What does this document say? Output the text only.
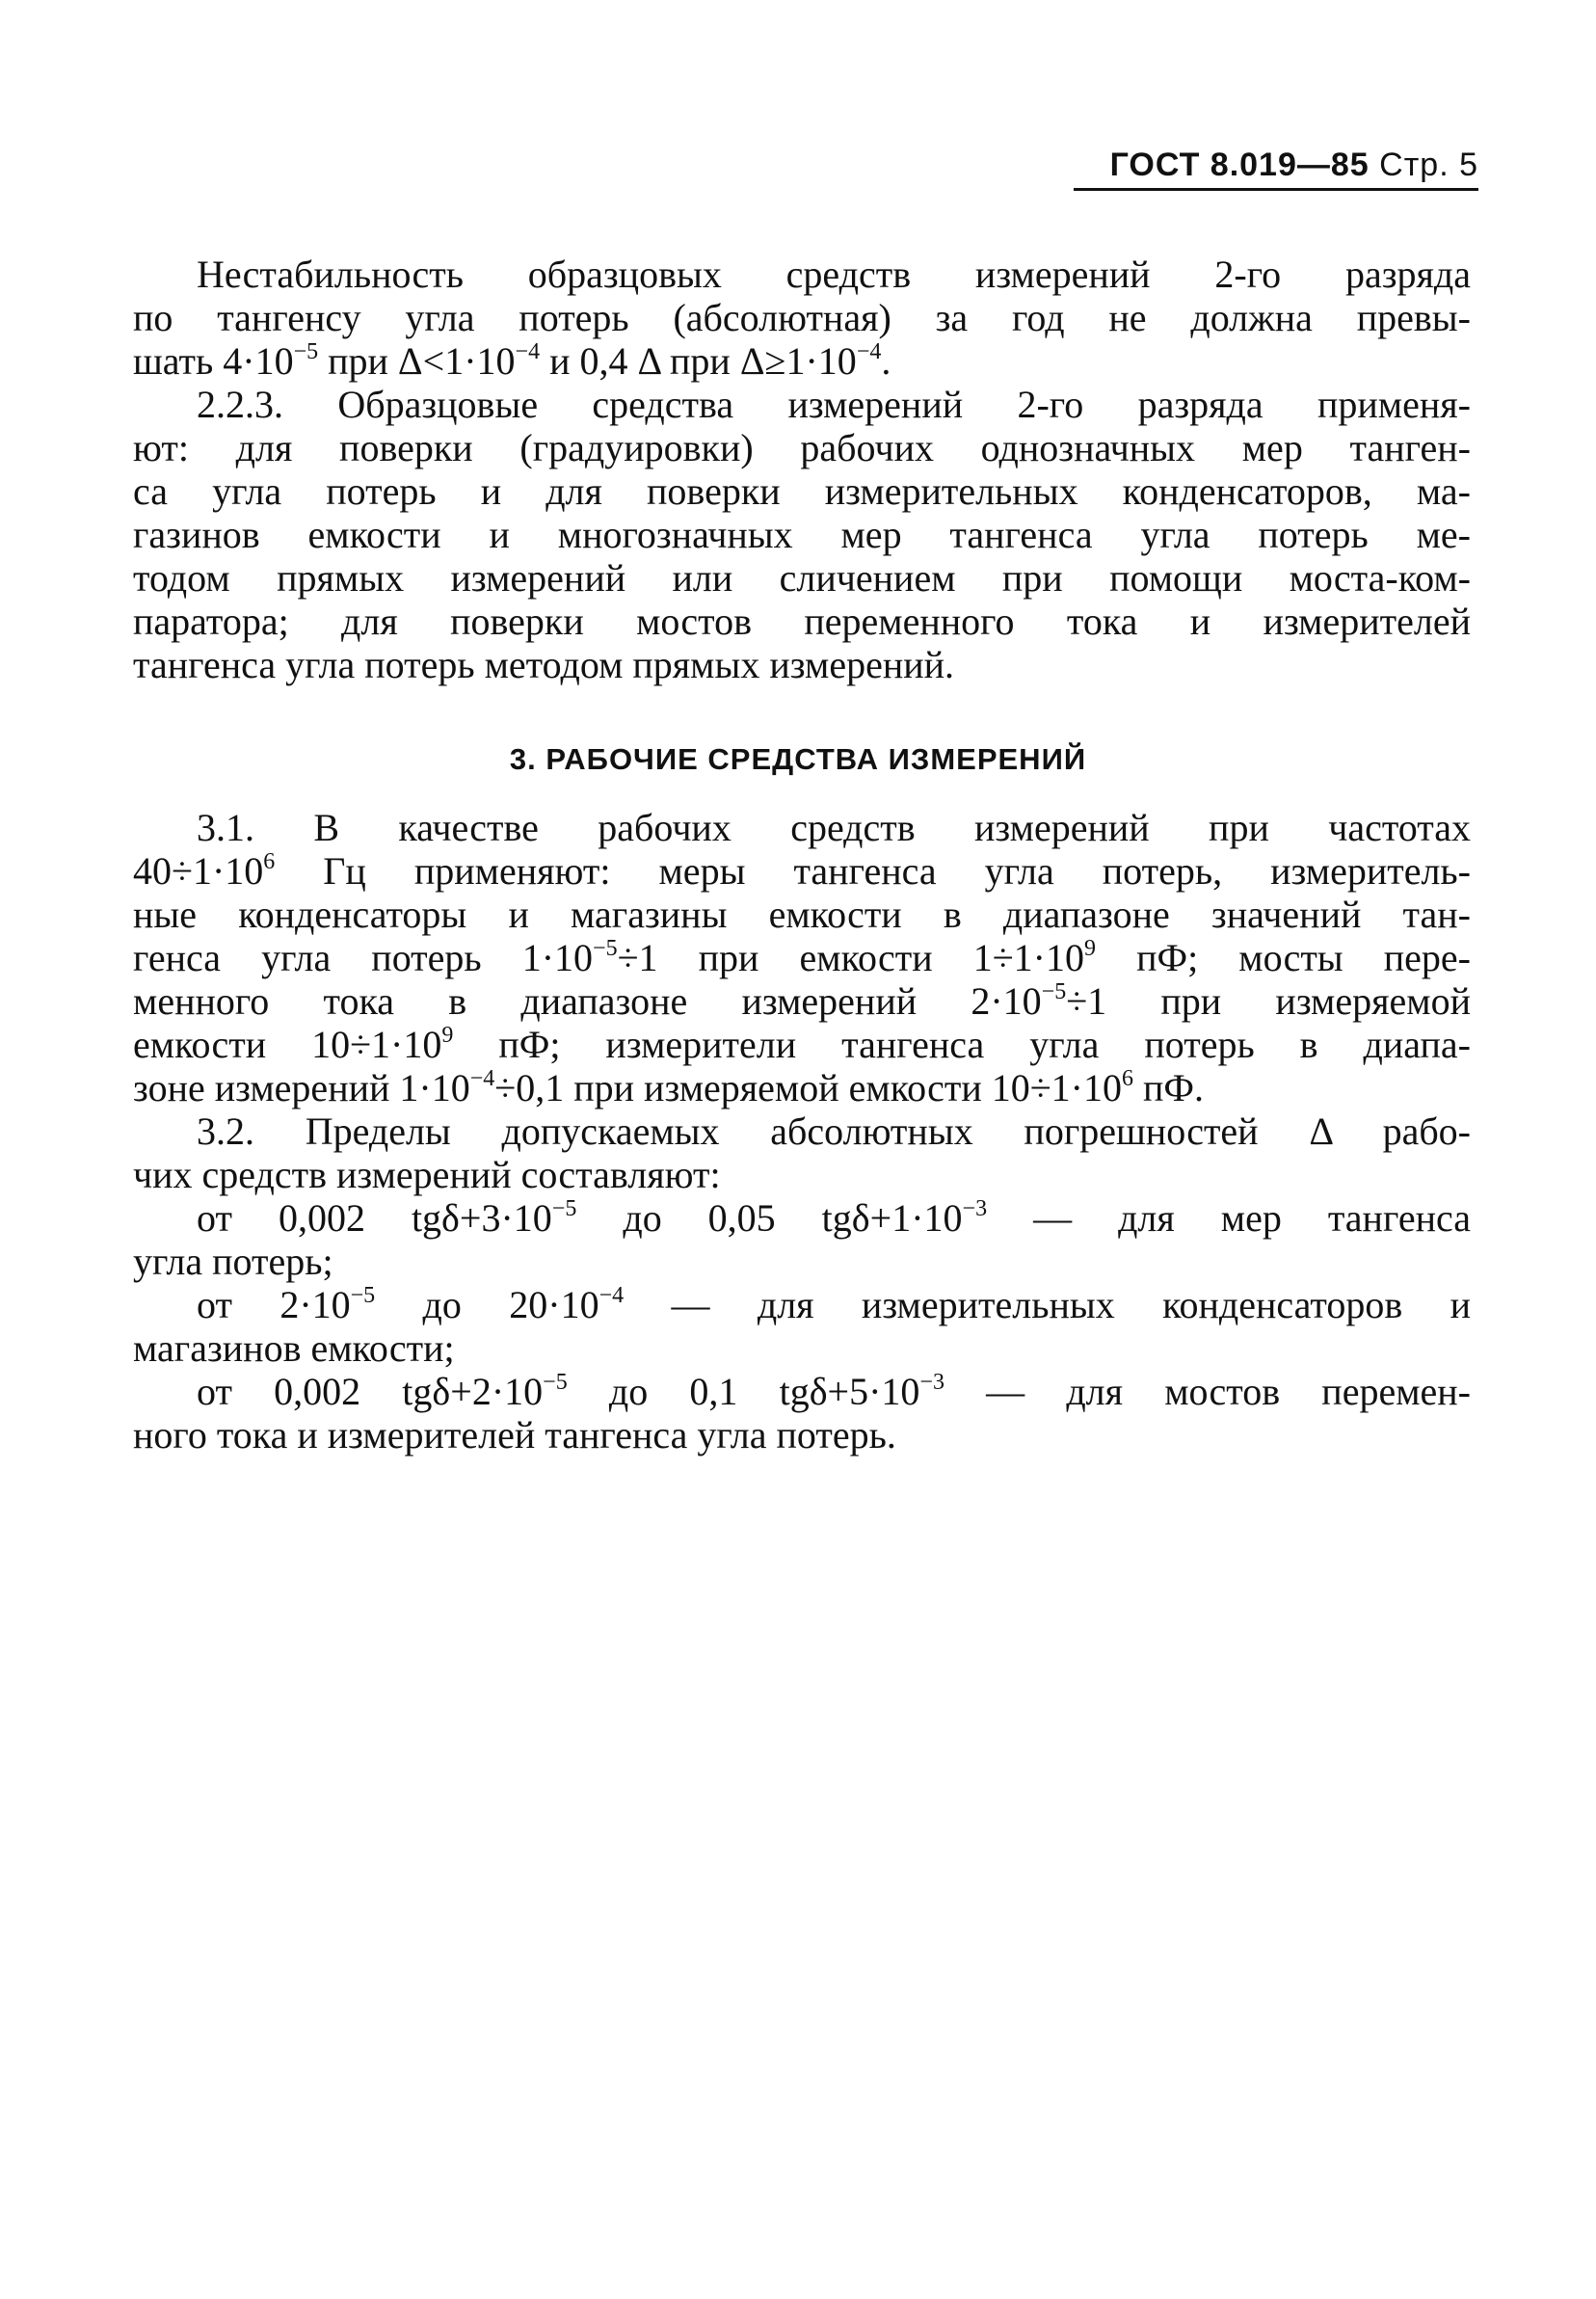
ГОСТ 8.019—85 Стр. 5

Нестабильность образцовых средств измерений 2-го разряда
по тангенсу угла потерь (абсолютная) за год не должна превы-
шать $4\cdot 10^{-5}$ при $\Delta<1\cdot 10^{-4}$ и 0,4 Δ при $\Delta\ge 1\cdot 10^{-4}$.

2.2.3. Образцовые средства измерений 2-го разряда применя-
ют: для поверки (градуировки) рабочих однозначных мер танген-
са угла потерь и для поверки измерительных конденсаторов, ма-
газинов емкости и многозначных мер тангенса угла потерь ме-
тодом прямых измерений или сличением при помощи моста-ком-
паратора; для поверки мостов переменного тока и измерителей
тангенса угла потерь методом прямых измерений.

3. РАБОЧИЕ СРЕДСТВА ИЗМЕРЕНИЙ

3.1. В качестве рабочих средств измерений при частотах
$40\div 1\cdot 10^6$ Гц применяют: меры тангенса угла потерь, измеритель-
ные конденсаторы и магазины емкости в диапазоне значений тан-
генса угла потерь $1\cdot 10^{-5}\div 1$ при емкости $1\div 1\cdot 10^9$ пФ; мосты пере-
менного тока в диапазоне измерений $2\cdot 10^{-5}\div 1$ при измеряемой
емкости $10\div 1\cdot 10^9$ пФ; измерители тангенса угла потерь в диапа-
зоне измерений $1\cdot 10^{-4}\div 0,1$ при измеряемой емкости $10\div 1\cdot 10^6$ пФ.

3.2. Пределы допускаемых абсолютных погрешностей Δ рабо-
чих средств измерений составляют:

от 0,002 $tg\delta+3\cdot 10^{-5}$ до 0,05 $tg\delta+1\cdot 10^{-3}$ — для мер тангенса
угла потерь;
от $2\cdot 10^{-5}$ до $20\cdot 10^{-4}$ — для измерительных конденсаторов и
магазинов емкости;
от 0,002 $tg\delta+2\cdot 10^{-5}$ до 0,1 $tg\delta+5\cdot 10^{-3}$ — для мостов перемен-
ного тока и измерителей тангенса угла потерь.
